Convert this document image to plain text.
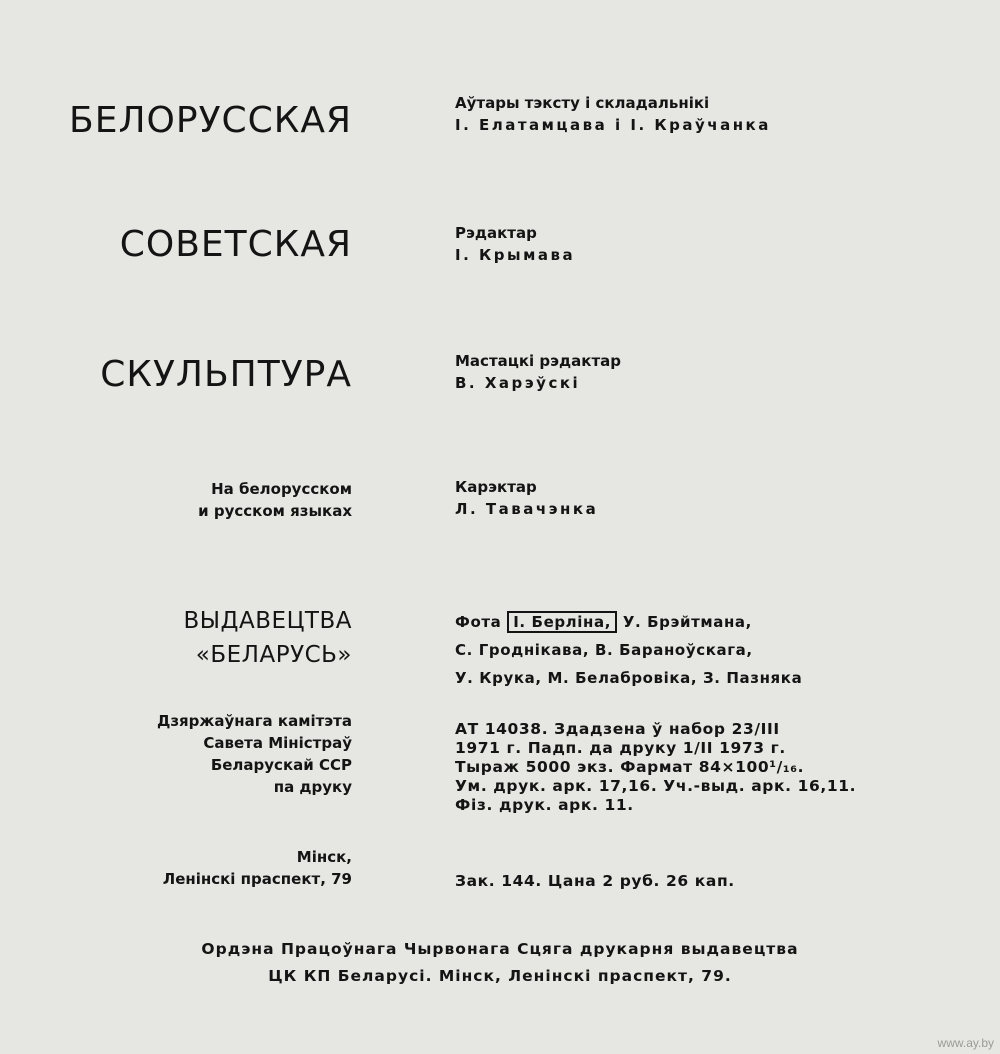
БЕЛОРУССКАЯ
СОВЕТСКАЯ
СКУЛЬПТУРА
На белорусском
и русском языках
ВЫДАВЕЦТВА
«БЕЛАРУСЬ»
Дзяржаўнага камітэта
Савета Міністраў
Беларускай ССР
па друку
Мінск,
Ленінскі праспект, 79
Аўтары тэксту і складальнікі
І. Елатамцава і І. Краўчанка
Рэдактар
І. Крымава
Мастацкі рэдактар
В. Харэўскі
Карэктар
Л. Тавачэнка
Фота І. Берліна, У. Брэйтмана,
С. Гроднікава, В. Бараноўскага,
У. Крука, М. Белабровіка, З. Пазняка
АТ 14038. Здадзена ў набор 23/III
1971 г. Падп. да друку 1/II 1973 г.
Тыраж 5000 экз. Фармат 84×100¹/₁₆.
Ум. друк. арк. 17,16. Уч.-выд. арк. 16,11.
Фіз. друк. арк. 11.
Зак. 144. Цана 2 руб. 26 кап.
Ордэна Працоўнага Чырвонага Сцяга друкарня выдавецтва
ЦК КП Беларусі. Мінск, Ленінскі праспект, 79.
www.ay.by
